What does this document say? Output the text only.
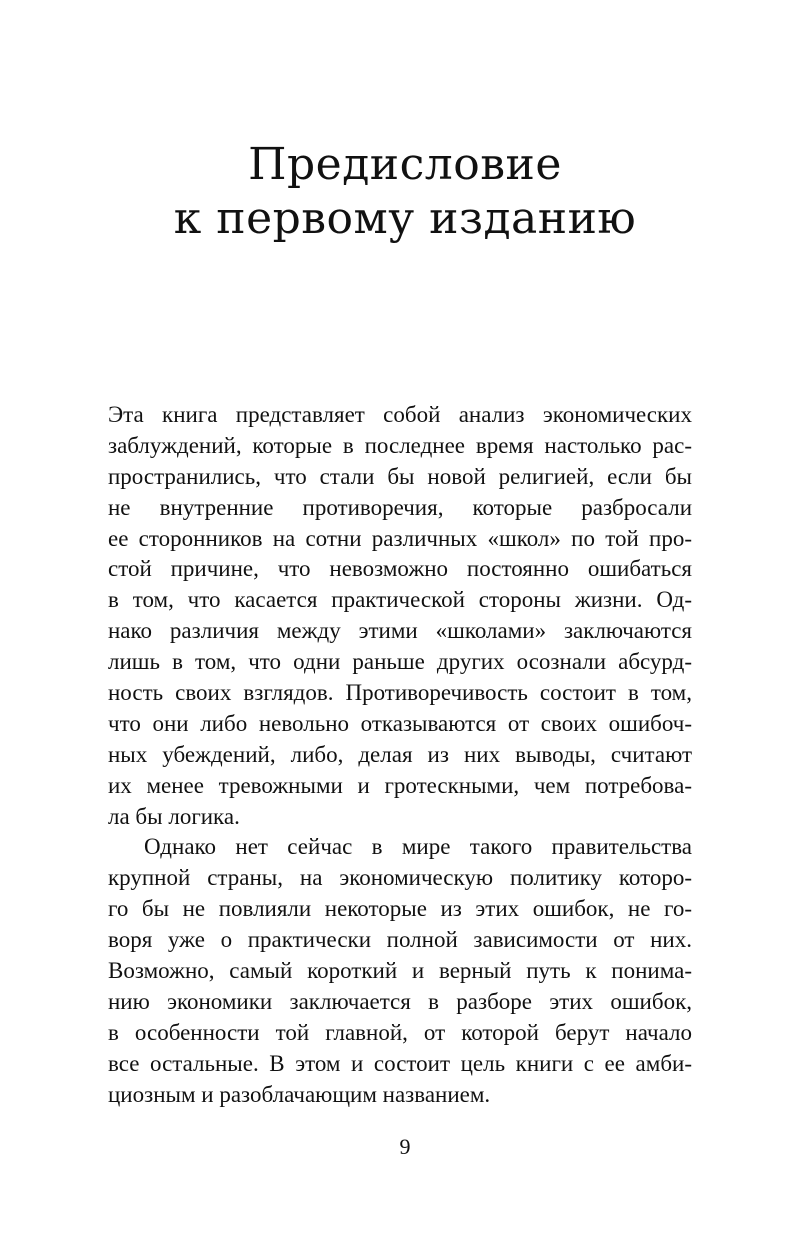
Предисловие
к первому изданию
Эта книга представляет собой анализ экономических
заблуждений, которые в последнее время настолько рас-
пространились, что стали бы новой религией, если бы
не внутренние противоречия, которые разбросали
ее сторонников на сотни различных «школ» по той про-
стой причине, что невозможно постоянно ошибаться
в том, что касается практической стороны жизни. Од-
нако различия между этими «школами» заключаются
лишь в том, что одни раньше других осознали абсурд-
ность своих взглядов. Противоречивость состоит в том,
что они либо невольно отказываются от своих ошибоч-
ных убеждений, либо, делая из них выводы, считают
их менее тревожными и гротескными, чем потребова-
ла бы логика.
Однако нет сейчас в мире такого правительства
крупной страны, на экономическую политику которо-
го бы не повлияли некоторые из этих ошибок, не го-
воря уже о практически полной зависимости от них.
Возможно, самый короткий и верный путь к понима-
нию экономики заключается в разборе этих ошибок,
в особенности той главной, от которой берут начало
все остальные. В этом и состоит цель книги с ее амби-
циозным и разоблачающим названием.
9
